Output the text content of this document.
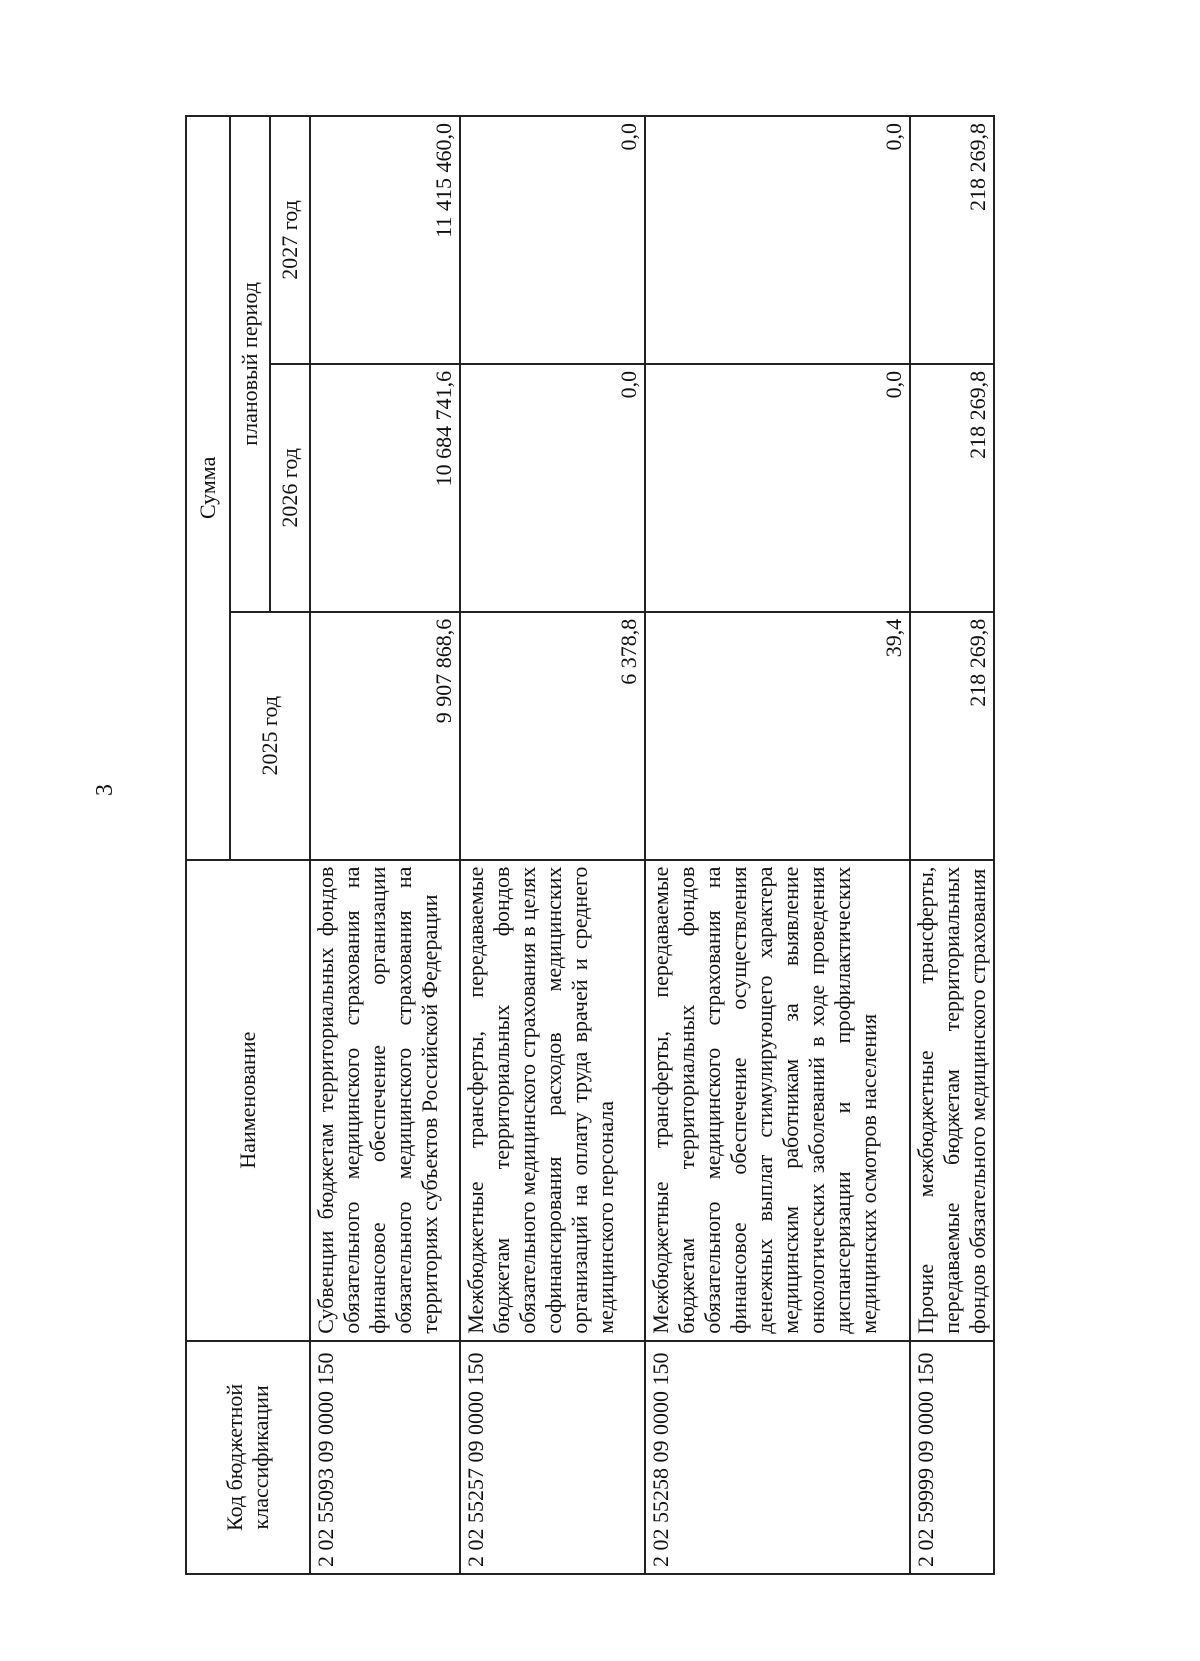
3
Код бюджетной классификации	Наименование	Сумма		
		2025 год	плановый период	
			2026 год	2027 год
2 02 55093 09 0000 150	Субвенции бюджетам территориальных фондов обязательного медицинского страхования на финансовое обеспечение организации обязательного медицинского страхования на территориях субъектов Российской Федерации	9 907 868,6	10 684 741,6	11 415 460,0
2 02 55257 09 0000 150	Межбюджетные трансферты, передаваемые бюджетам территориальных фондов обязательного медицинского страхования в целях софинансирования расходов медицинских организаций на оплату труда врачей и среднего медицинского персонала	6 378,8	0,0	0,0
2 02 55258 09 0000 150	Межбюджетные трансферты, передаваемые бюджетам территориальных фондов обязательного медицинского страхования на финансовое обеспечение осуществления денежных выплат стимулирующего характера медицинским работникам за выявление онкологических заболеваний в ходе проведения диспансеризации и профилактических медицинских осмотров населения	39,4	0,0	0,0
2 02 59999 09 0000 150	Прочие межбюджетные трансферты, передаваемые бюджетам территориальных фондов обязательного медицинского страхования	218 269,8	218 269,8	218 269,8
